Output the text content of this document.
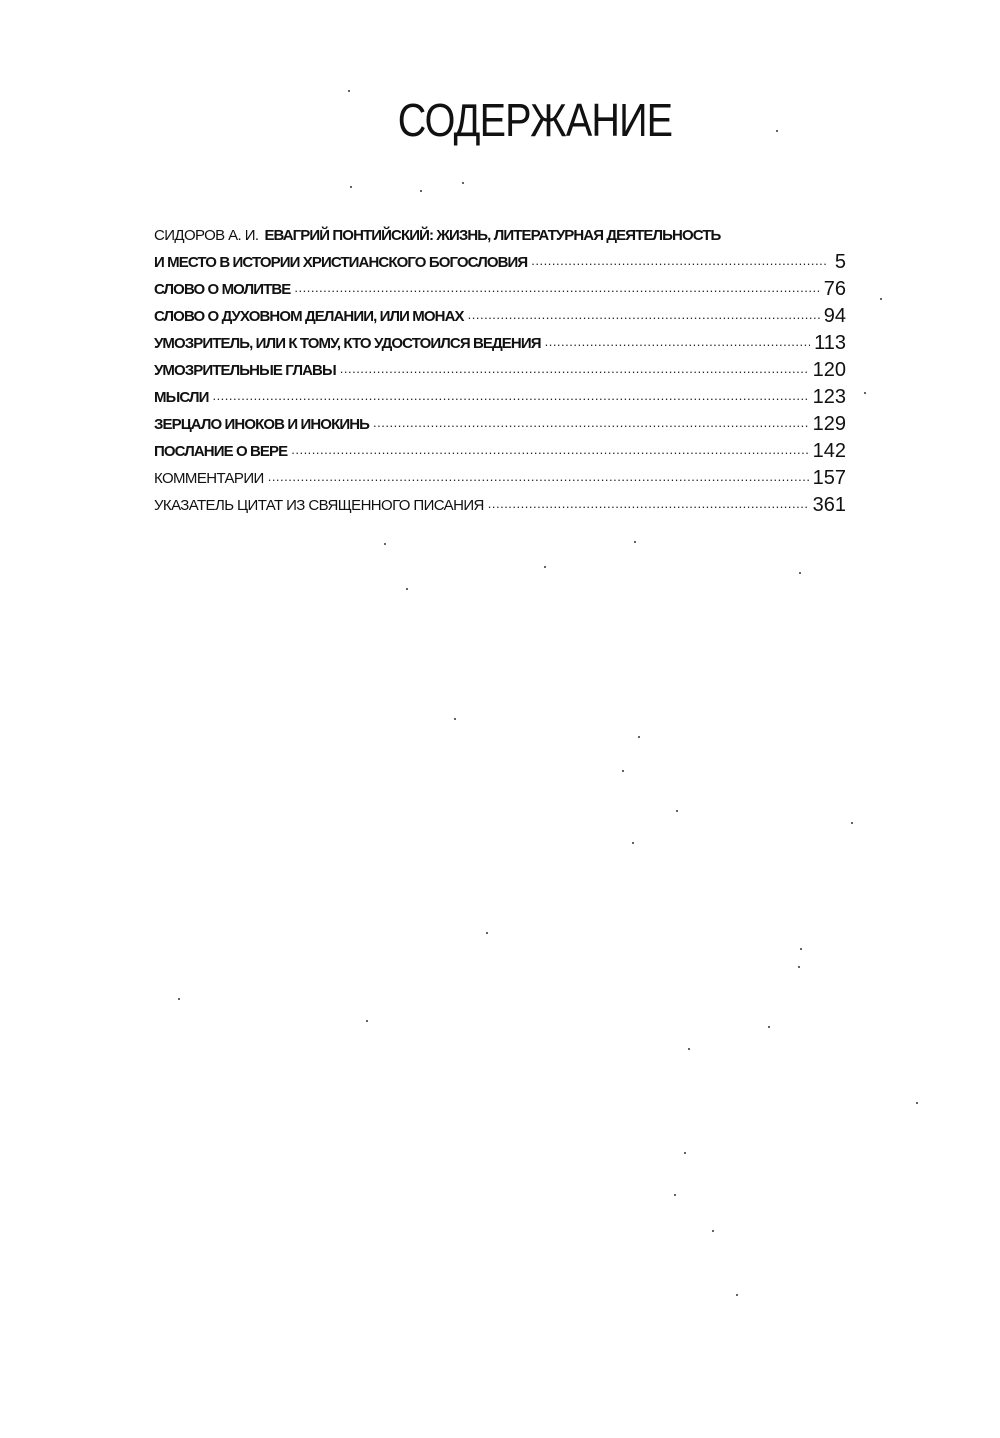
СОДЕРЖАНИЕ
СИДОРОВ А. И. ЕВАГРИЙ ПОНТИЙСКИЙ: ЖИЗНЬ, ЛИТЕРАТУРНАЯ ДЕЯТЕЛЬНОСТЬ
И МЕСТО В ИСТОРИИ ХРИСТИАНСКОГО БОГОСЛОВИЯ .....	5
СЛОВО О МОЛИТВЕ .....	76
СЛОВО О ДУХОВНОМ ДЕЛАНИИ, ИЛИ МОНАХ .....	94
УМОЗРИТЕЛЬ, ИЛИ К ТОМУ, КТО УДОСТОИЛСЯ ВЕДЕНИЯ .....	113
УМОЗРИТЕЛЬНЫЕ ГЛАВЫ .....	120
МЫСЛИ .....	123
ЗЕРЦАЛО ИНОКОВ И ИНОКИНЬ .....	129
ПОСЛАНИЕ О ВЕРЕ .....	142
КОММЕНТАРИИ .....	157
УКАЗАТЕЛЬ ЦИТАТ ИЗ СВЯЩЕННОГО ПИСАНИЯ .....	361
